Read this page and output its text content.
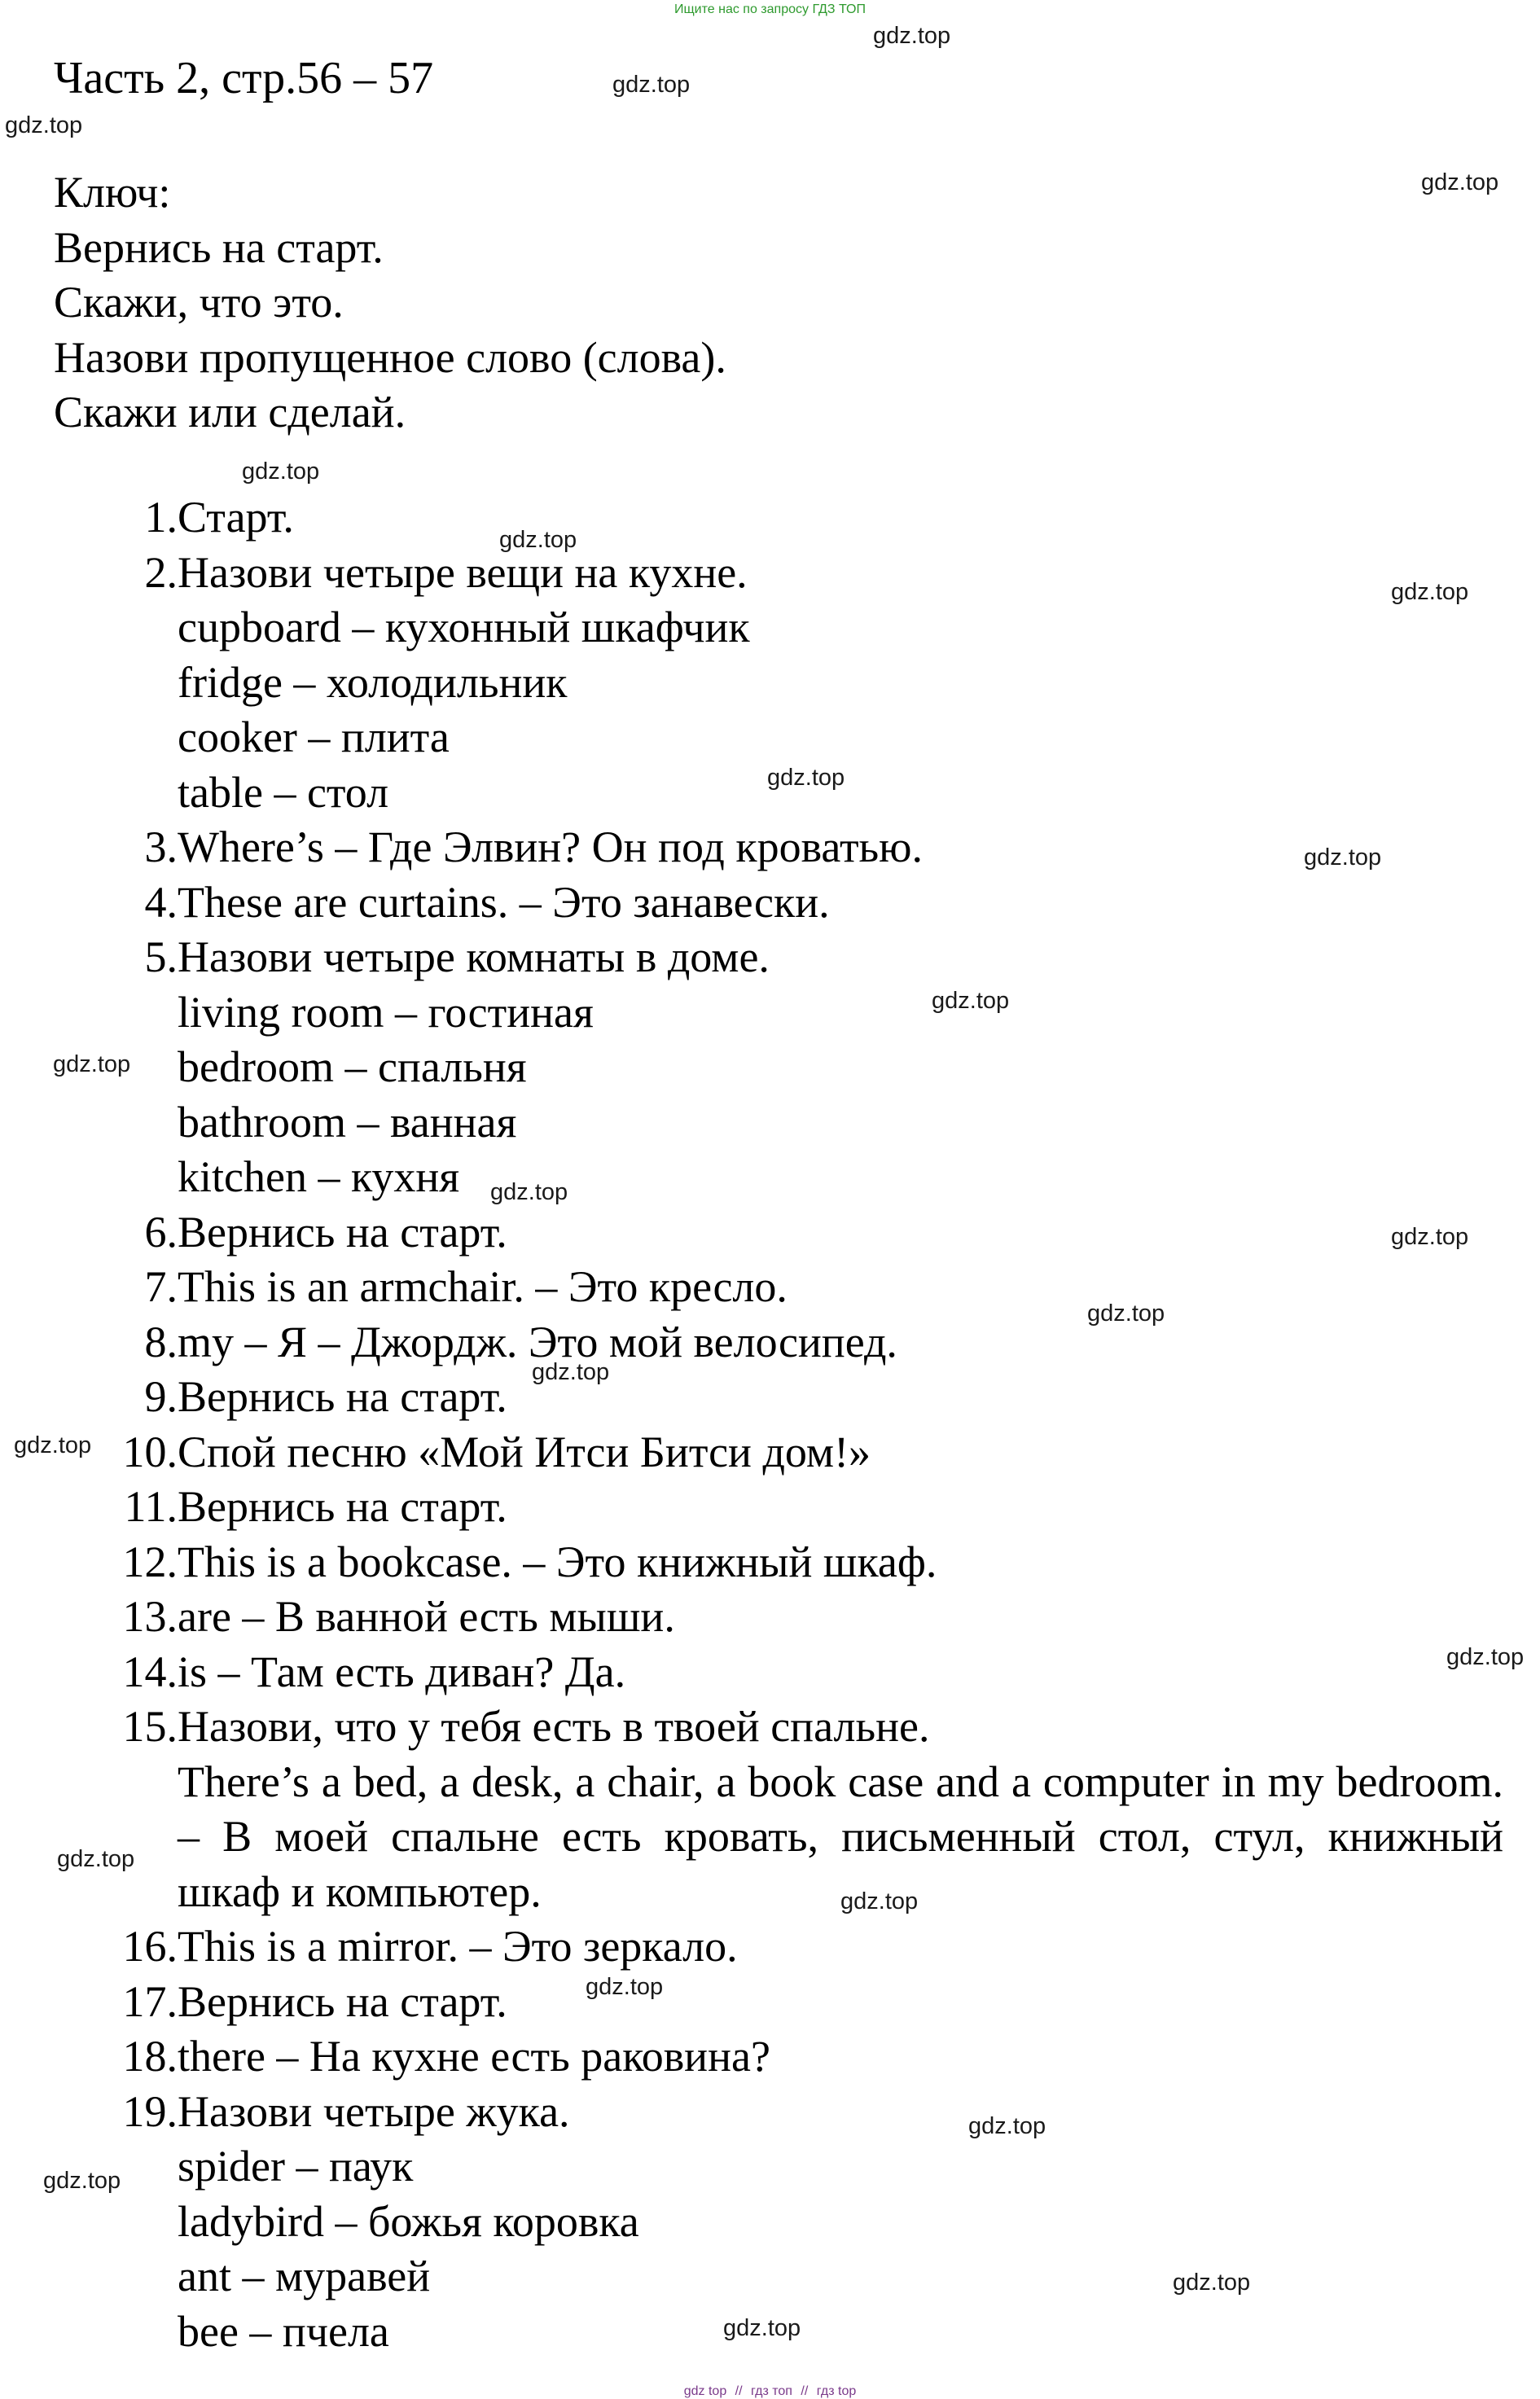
Ищите нас по запросу ГДЗ ТОП
Часть 2, стр.56 – 57
Ключ:
Вернись на старт.
Скажи, что это.
Назови пропущенное слово (слова).
Скажи или сделай.
1. Старт.
2. Назови четыре вещи на кухне.
cupboard – кухонный шкафчик
fridge – холодильник
cooker – плита
table – стол
3. Where’s – Где Элвин? Он под кроватью.
4. These are curtains. – Это занавески.
5. Назови четыре комнаты в доме.
living room – гостиная
bedroom – спальня
bathroom – ванная
kitchen – кухня
6. Вернись на старт.
7. This is an armchair. – Это кресло.
8. my – Я – Джордж. Это мой велосипед.
9. Вернись на старт.
10. Спой песню «Мой Итси Битси дом!»
11. Вернись на старт.
12. This is a bookcase. – Это книжный шкаф.
13. are – В ванной есть мыши.
14. is – Там есть диван? Да.
15. Назови, что у тебя есть в твоей спальне.
There’s a bed, a desk, a chair, a book case and a computer in my bedroom. – В моей спальне есть кровать, письменный стол, стул, книжный шкаф и компьютер.
16. This is a mirror. – Это зеркало.
17. Вернись на старт.
18. there – На кухне есть раковина?
19. Назови четыре жука.
spider – паук
ladybird – божья коровка
ant – муравей
bee – пчела
gdz.top
gdz.top
gdz.top
gdz.top
gdz.top
gdz.top
gdz.top
gdz.top
gdz.top
gdz.top
gdz.top
gdz.top
gdz.top
gdz.top
gdz.top
gdz.top
gdz.top
gdz.top
gdz.top
gdz.top
gdz.top
gdz.top
gdz.top
gdz.top
gdz top // гдз топ // гдз top
